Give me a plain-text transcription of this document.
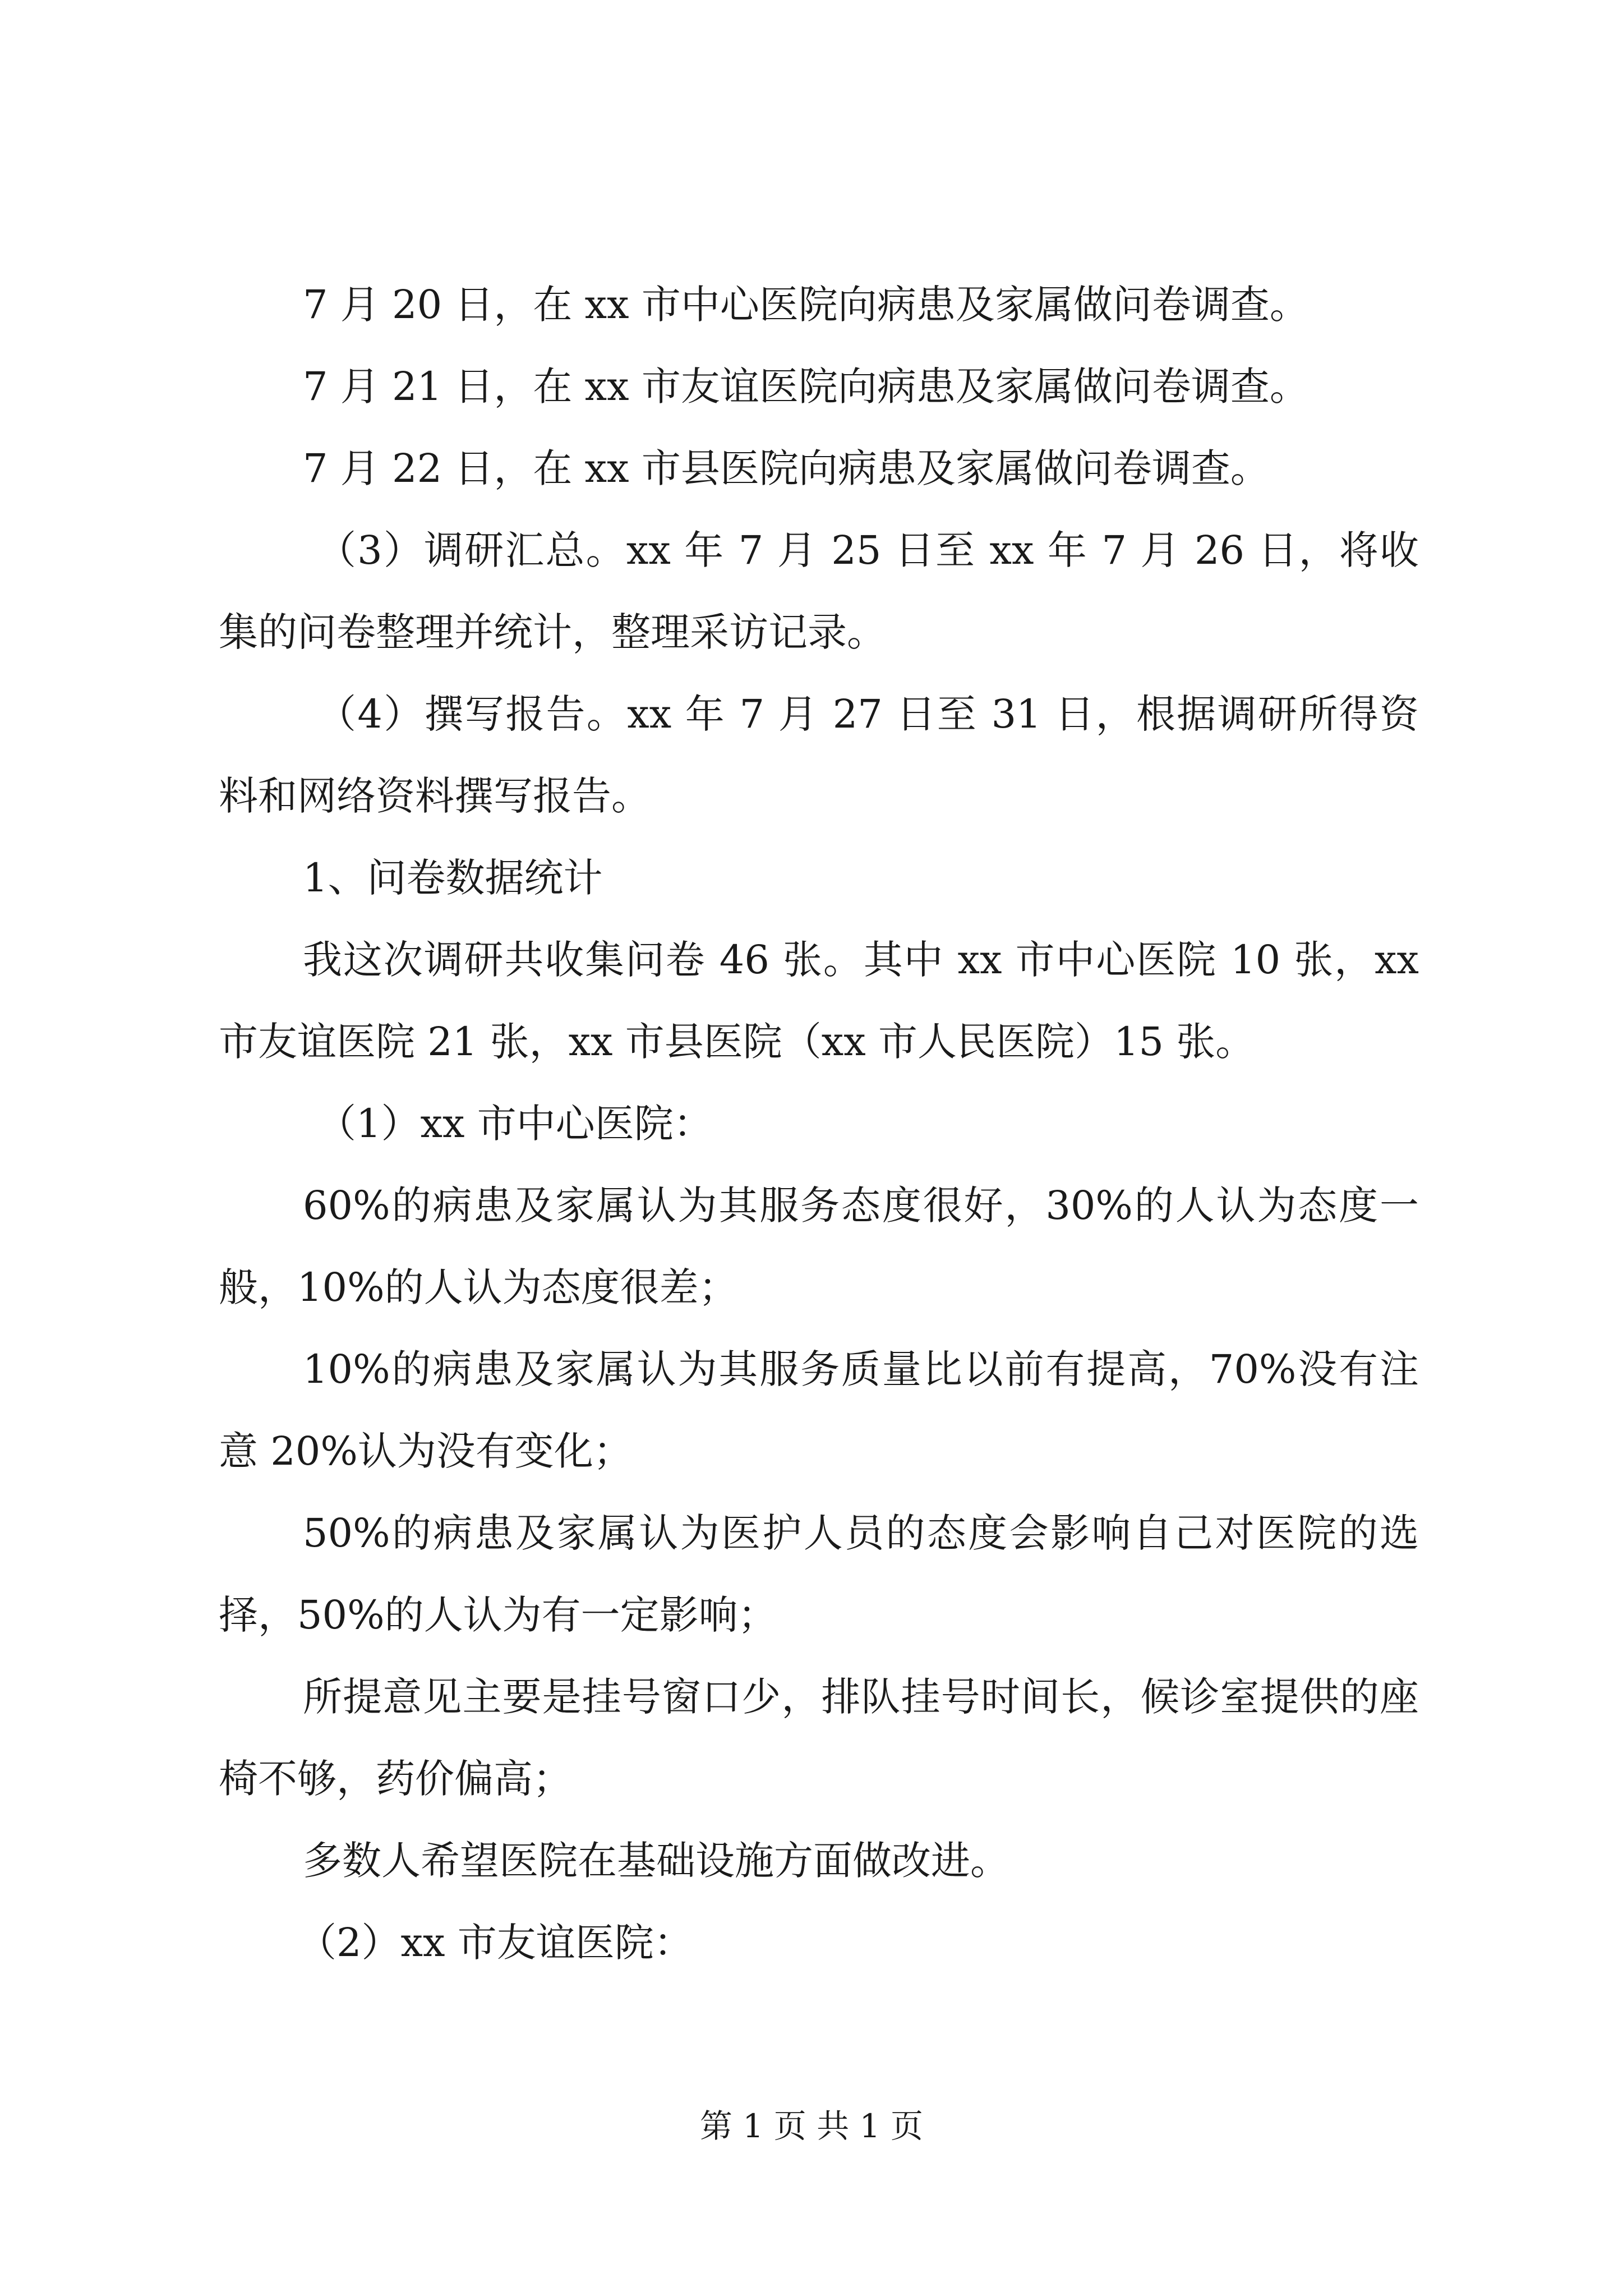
7 月 20 日，在 xx 市中心医院向病患及家属做问卷调查。

7 月 21 日，在 xx 市友谊医院向病患及家属做问卷调查。

7 月 22 日，在 xx 市县医院向病患及家属做问卷调查。

（3）调研汇总。xx 年 7 月 25 日至 xx 年 7 月 26 日，将收集的问卷整理并统计，整理采访记录。

（4）撰写报告。xx 年 7 月 27 日至 31 日，根据调研所得资料和网络资料撰写报告。

1、问卷数据统计

我这次调研共收集问卷 46 张。其中 xx 市中心医院 10 张，xx 市友谊医院 21 张，xx 市县医院（xx 市人民医院）15 张。

（1）xx 市中心医院：

60%的病患及家属认为其服务态度很好，30%的人认为态度一般，10%的人认为态度很差；

10%的病患及家属认为其服务质量比以前有提高，70%没有注意 20%认为没有变化；

50%的病患及家属认为医护人员的态度会影响自己对医院的选择，50%的人认为有一定影响；

所提意见主要是挂号窗口少，排队挂号时间长，候诊室提供的座椅不够，药价偏高；

多数人希望医院在基础设施方面做改进。

（2）xx 市友谊医院：

第 1 页 共 1 页
